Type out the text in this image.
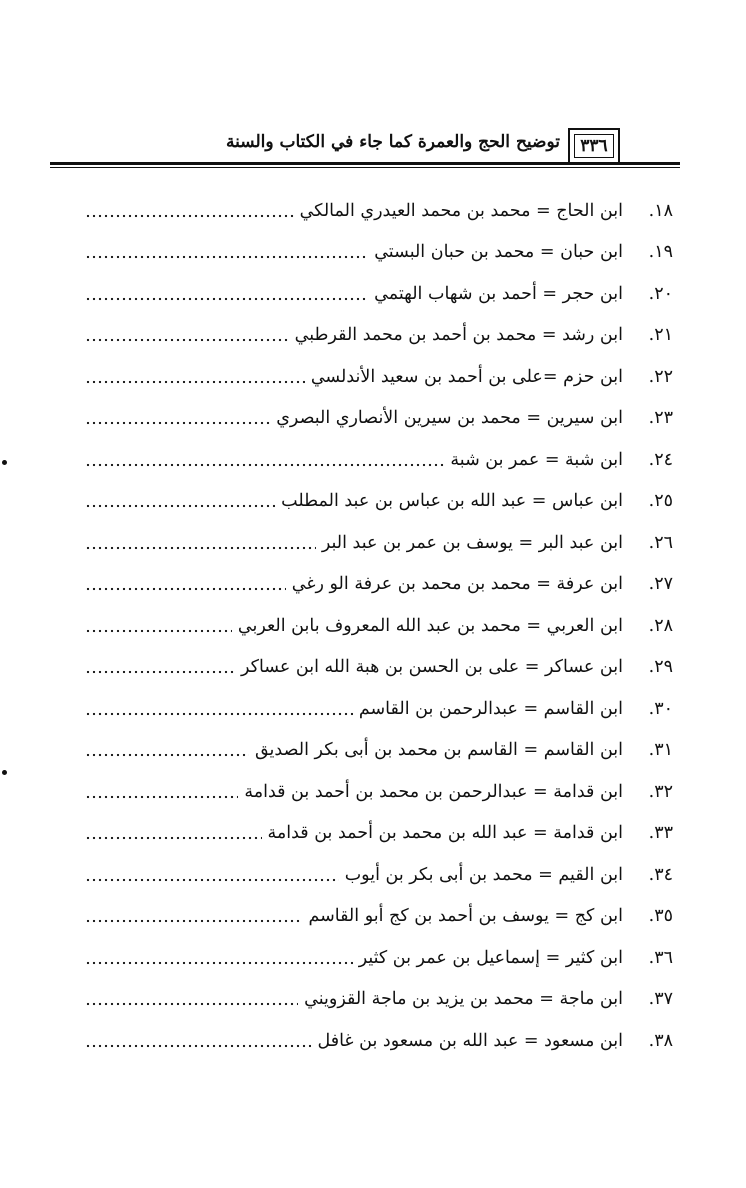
٣٣٦
توضيح الحج والعمرة كما جاء في الكتاب والسنة
١٨.
ابن الحاج = محمد بن محمد العيدري المالكي
١٩.
ابن حبان = محمد بن حبان البستي
٢٠.
ابن حجر = أحمد بن شهاب الهتمي
٢١.
ابن رشد = محمد بن أحمد بن محمد القرطبي
٢٢.
ابن حزم =على بن أحمد بن سعيد الأندلسي
٢٣.
ابن سيرين = محمد بن سيرين الأنصاري البصري
٢٤.
ابن شبة = عمر بن شبة
٢٥.
ابن عباس = عبد الله بن عباس بن عبد المطلب
٢٦.
ابن عبد البر = يوسف بن عمر بن عبد البر
٢٧.
ابن عرفة = محمد بن محمد بن عرفة الو رغي
٢٨.
ابن العربي = محمد بن عبد الله المعروف بابن العربي
٢٩.
ابن عساكر = على بن الحسن بن هبة الله ابن عساكر
٣٠.
ابن القاسم = عبدالرحمن بن القاسم
٣١.
ابن القاسم = القاسم بن محمد بن أبى بكر الصديق
٣٢.
ابن قدامة = عبدالرحمن بن محمد بن أحمد بن قدامة
٣٣.
ابن قدامة = عبد الله بن محمد بن أحمد بن قدامة
٣٤.
ابن القيم = محمد بن أبى بكر بن أيوب
٣٥.
ابن كج = يوسف بن أحمد بن كج أبو القاسم
٣٦.
ابن كثير = إسماعيل بن عمر بن كثير
٣٧.
ابن ماجة = محمد بن يزيد بن ماجة القزويني
٣٨.
ابن مسعود = عبد الله بن مسعود بن غافل
